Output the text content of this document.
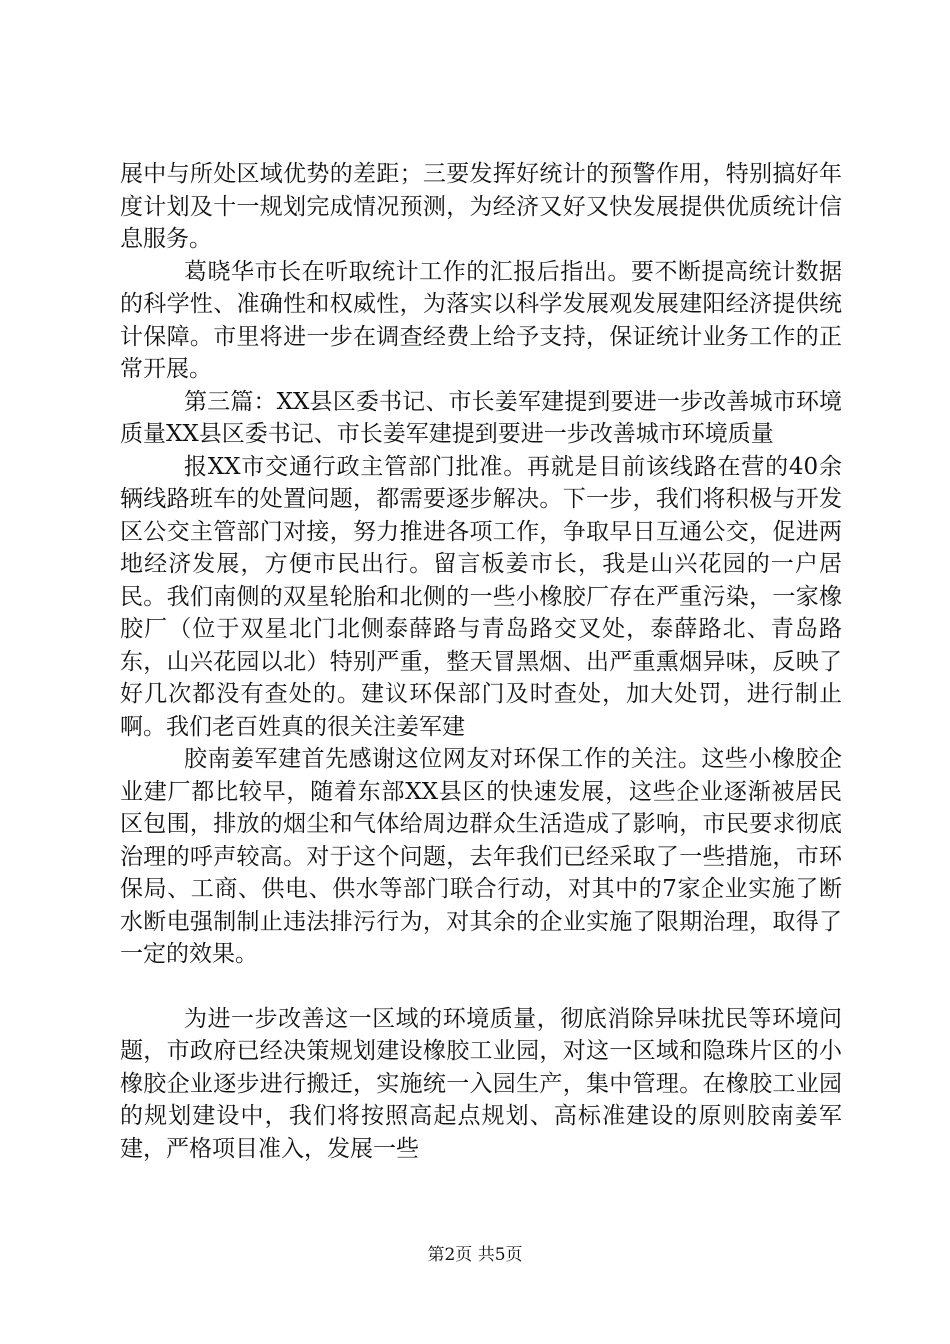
展中与所处区域优势的差距；三要发挥好统计的预警作用，特别搞好年度计划及十一规划完成情况预测，为经济又好又快发展提供优质统计信息服务。

葛晓华市长在听取统计工作的汇报后指出。要不断提高统计数据的科学性、准确性和权威性，为落实以科学发展观发展建阳经济提供统计保障。市里将进一步在调查经费上给予支持，保证统计业务工作的正常开展。

第三篇：XX县区委书记、市长姜军建提到要进一步改善城市环境质量XX县区委书记、市长姜军建提到要进一步改善城市环境质量

报XX市交通行政主管部门批准。再就是目前该线路在营的40余辆线路班车的处置问题，都需要逐步解决。下一步，我们将积极与开发区公交主管部门对接，努力推进各项工作，争取早日互通公交，促进两地经济发展，方便市民出行。留言板姜市长，我是山兴花园的一户居民。我们南侧的双星轮胎和北侧的一些小橡胶厂存在严重污染，一家橡胶厂（位于双星北门北侧泰薛路与青岛路交叉处，泰薛路北、青岛路东，山兴花园以北）特别严重，整天冒黑烟、出严重熏烟异味，反映了好几次都没有查处的。建议环保部门及时查处，加大处罚，进行制止啊。我们老百姓真的很关注姜军建

胶南姜军建首先感谢这位网友对环保工作的关注。这些小橡胶企业建厂都比较早，随着东部XX县区的快速发展，这些企业逐渐被居民区包围，排放的烟尘和气体给周边群众生活造成了影响，市民要求彻底治理的呼声较高。对于这个问题，去年我们已经采取了一些措施，市环保局、工商、供电、供水等部门联合行动，对其中的7家企业实施了断水断电强制制止违法排污行为，对其余的企业实施了限期治理，取得了一定的效果。

为进一步改善这一区域的环境质量，彻底消除异味扰民等环境问题，市政府已经决策规划建设橡胶工业园，对这一区域和隐珠片区的小橡胶企业逐步进行搬迁，实施统一入园生产，集中管理。在橡胶工业园的规划建设中，我们将按照高起点规划、高标准建设的原则胶南姜军建，严格项目准入，发展一些

第2页 共5页
